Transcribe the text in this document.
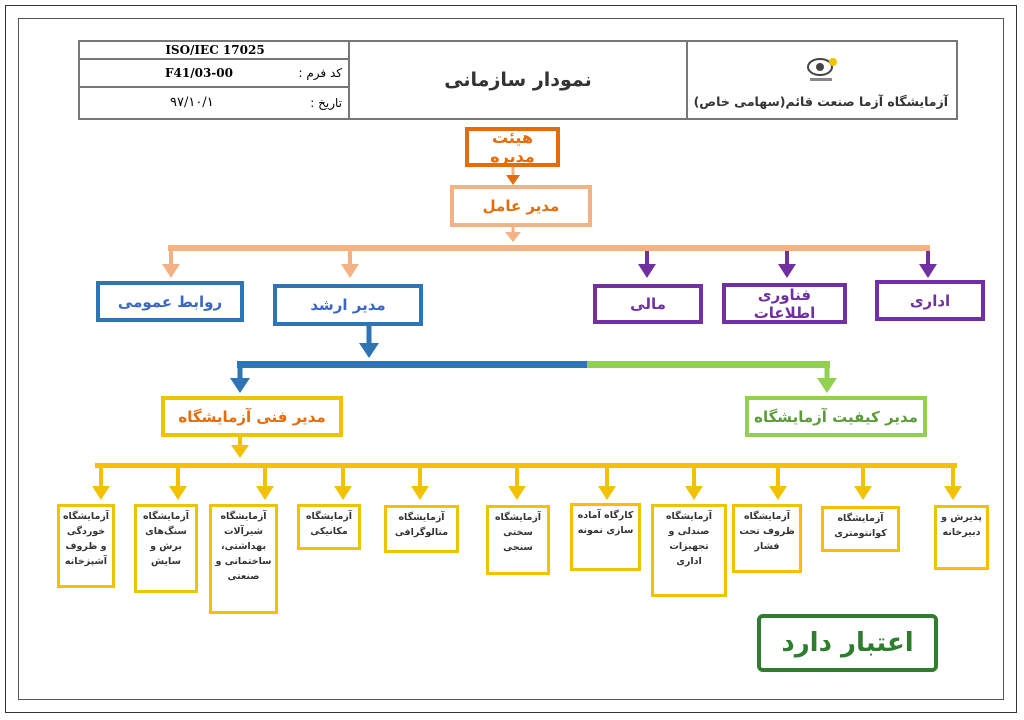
ISO/IEC 17025
F41/03-00	کد فرم :
۹۷/۱۰/۱	تاریخ :
نمودار سازمانی
آزمایشگاه آزما صنعت قائم(سهامی خاص)
هیئت مدیره
مدیر عامل
روابط عمومی	مدیر ارشد	مالی
فناوری اطلاعات
اداری
مدیر فنی آزمایشگاه	مدیر کیفیت آزمایشگاه
آزمایشگاه خوردگی و ظروف آشپزخانه
آزمایشگاه سنگ‌های برش و سایش
آزمایشگاه شیرآلات بهداشتی، ساختمانی و صنعتی
آزمایشگاه مکانیکی
آزمایشگاه متالوگرافی
آزمایشگاه سختی سنجی
کارگاه آماده سازی نمونه
آزمایشگاه صندلی و تجهیزات اداری
آزمایشگاه ظروف تحت فشار
آزمایشگاه کوانتومتری
پذیرش و دبیرخانه
اعتبار دارد
